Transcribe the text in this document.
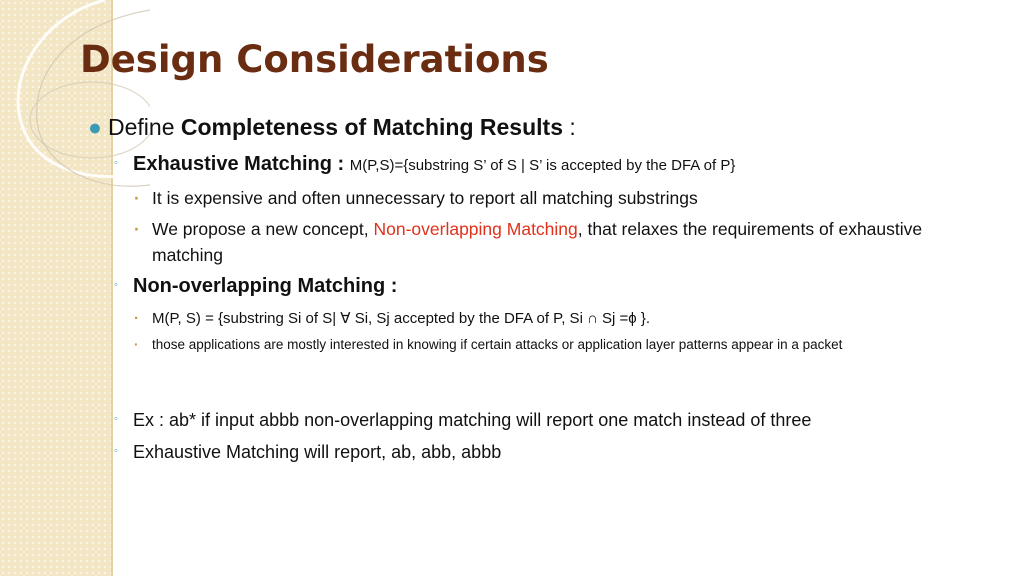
Design Considerations
● Define Completeness of Matching Results :
◦ Exhaustive Matching : M(P,S)={substring S’ of S | S’ is accepted by the DFA of P}
· It is expensive and often unnecessary to report all matching substrings
· We propose a new concept, Non-overlapping Matching, that relaxes the requirements of exhaustive matching
◦ Non-overlapping Matching :
· M(P, S) = {substring Si of S| ∀ Si, Sj accepted by the DFA of P, Si ∩ Sj =ϕ }.
· those applications are mostly interested in knowing if certain attacks or application layer patterns appear in a packet
◦ Ex : ab* if input abbb non-overlapping matching will report one match instead of three
◦ Exhaustive Matching will report, ab, abb, abbb
